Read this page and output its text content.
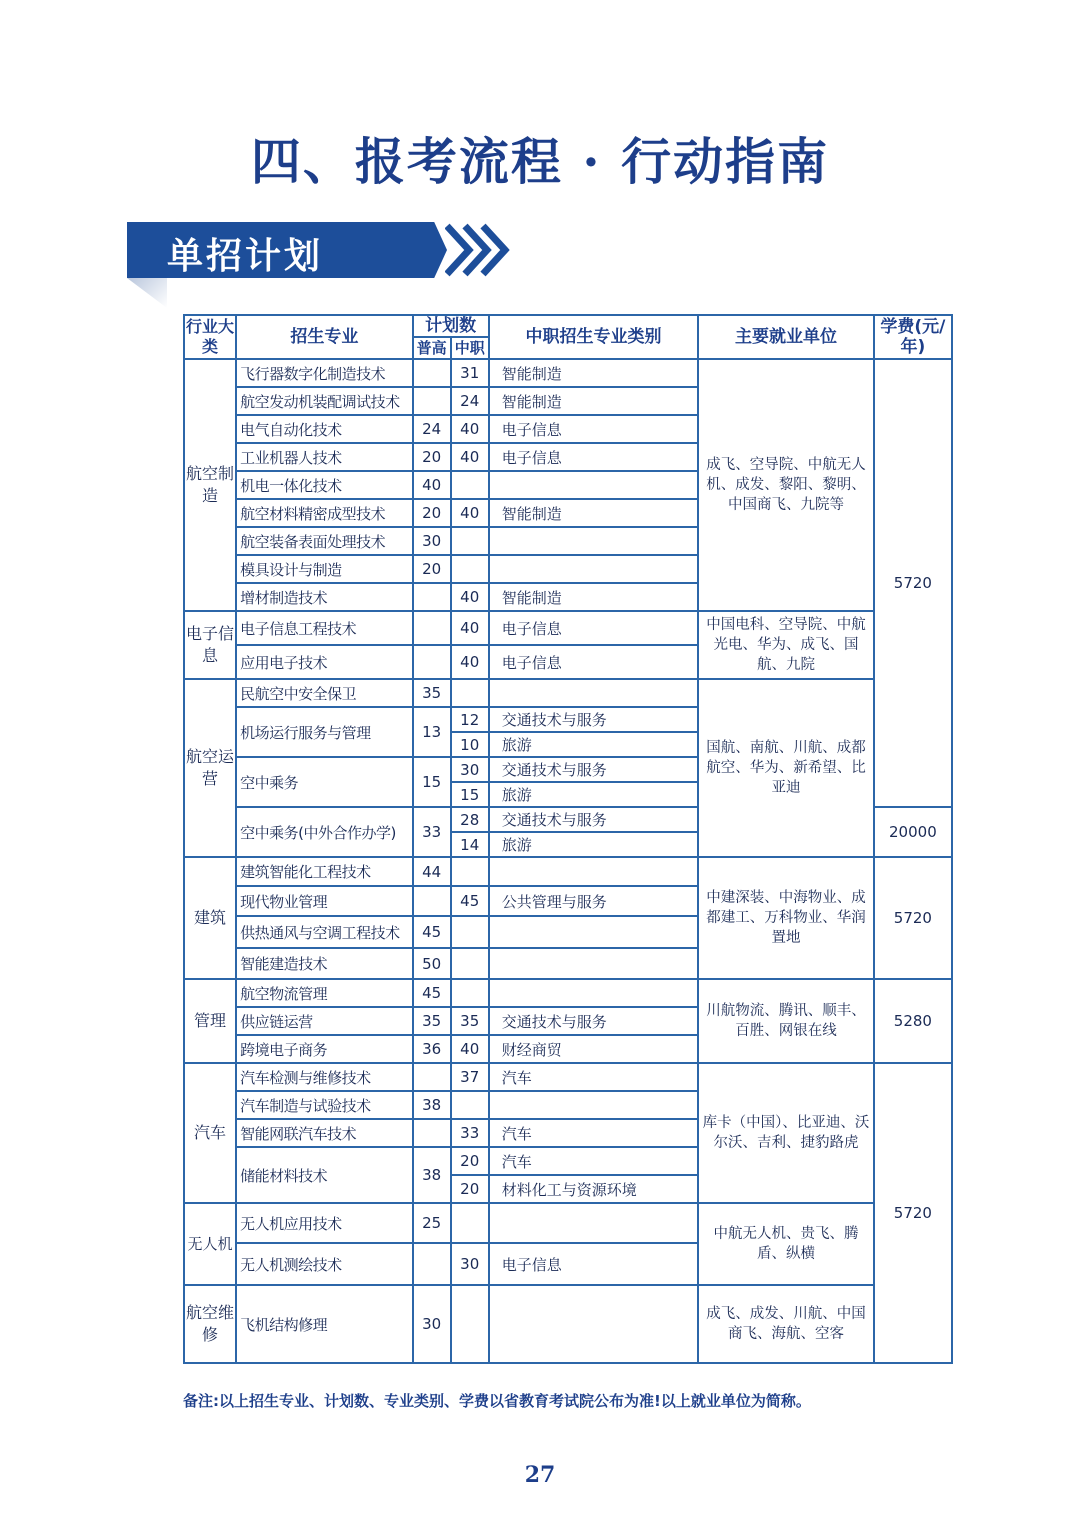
四、报考流程 · 行动指南
单招计划
行业大类	招生专业	计划数		中职招生专业类别	主要就业单位	学费(元/年)
		普高	中职			
航空制造	飞行器数字化制造技术		31	智能制造	成飞、空导院、中航无人机、成发、黎阳、黎明、中国商飞、九院等	5720
	航空发动机装配调试技术		24	智能制造		
	电气自动化技术	24	40	电子信息		
	工业机器人技术	20	40	电子信息		
	机电一体化技术	40				
	航空材料精密成型技术	20	40	智能制造		
	航空装备表面处理技术	30				
	模具设计与制造	20				
	增材制造技术		40	智能制造		
电子信息	电子信息工程技术		40	电子信息	中国电科、空导院、中航光电、华为、成飞、国航、九院	
	应用电子技术		40	电子信息		
航空运营	民航空中安全保卫	35			国航、南航、川航、成都航空、华为、新希望、比亚迪	
	机场运行服务与管理	13	12	交通技术与服务		
			10	旅游		
	空中乘务	15	30	交通技术与服务		
			15	旅游		
	空中乘务(中外合作办学)	33	28	交通技术与服务		20000
			14	旅游		
建筑	建筑智能化工程技术	44			中建深装、中海物业、成都建工、万科物业、华润置地	5720
	现代物业管理		45	公共管理与服务		
	供热通风与空调工程技术	45				
	智能建造技术	50				
管理	航空物流管理	45			川航物流、腾讯、顺丰、百胜、网银在线	5280
	供应链运营	35	35	交通技术与服务		
	跨境电子商务	36	40	财经商贸		
汽车	汽车检测与维修技术		37	汽车	库卡（中国）、比亚迪、沃尔沃、吉利、捷豹路虎	5720
	汽车制造与试验技术	38				
	智能网联汽车技术		33	汽车		
	储能材料技术	38	20	汽车		
			20	材料化工与资源环境		
无人机	无人机应用技术	25			中航无人机、贵飞、腾盾、纵横	
	无人机测绘技术		30	电子信息		
航空维修	飞机结构修理	30			成飞、成发、川航、中国商飞、海航、空客	
备注:以上招生专业、计划数、专业类别、学费以省教育考试院公布为准!以上就业单位为简称。
27
